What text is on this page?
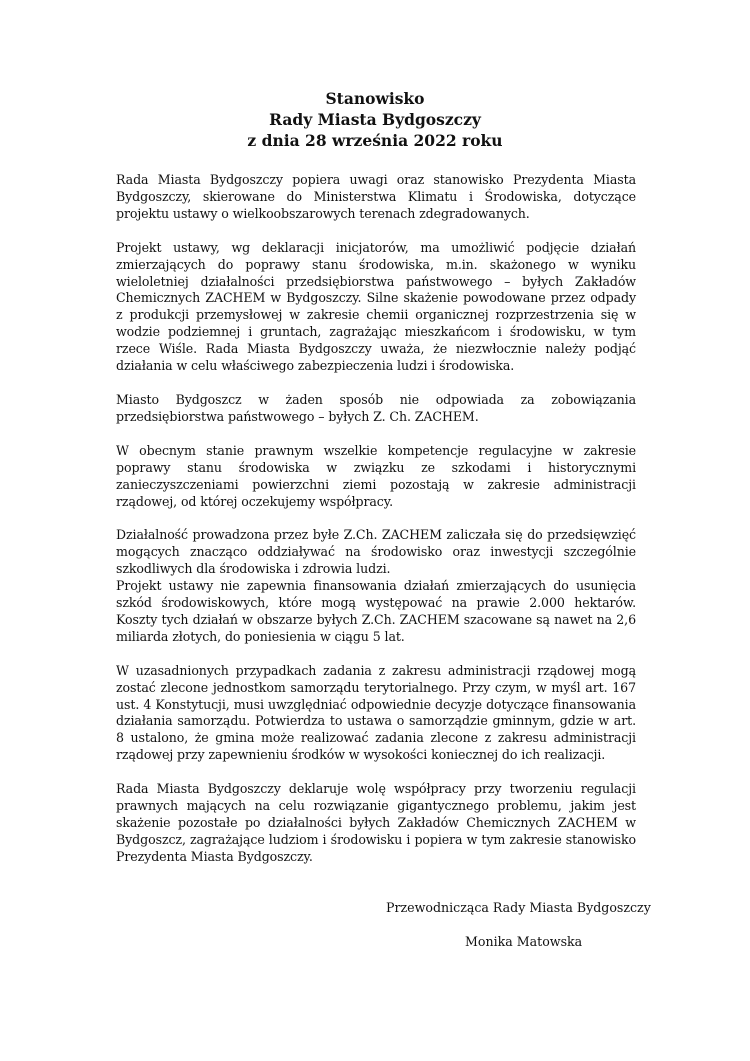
Stanowisko
Rady Miasta Bydgoszczy
z dnia 28 września 2022 roku

Rada Miasta Bydgoszczy popiera uwagi oraz stanowisko Prezydenta Miasta Bydgoszczy, skierowane do Ministerstwa Klimatu i Środowiska, dotyczące projektu ustawy o wielkoobszarowych terenach zdegradowanych.

Projekt ustawy, wg deklaracji inicjatorów, ma umożliwić podjęcie działań zmierzających do poprawy stanu środowiska, m.in. skażonego w wyniku wieloletniej działalności przedsiębiorstwa państwowego – byłych Zakładów Chemicznych ZACHEM w Bydgoszczy. Silne skażenie powodowane przez odpady z produkcji przemysłowej w zakresie chemii organicznej rozprzestrzenia się w wodzie podziemnej i gruntach, zagrażając mieszkańcom i środowisku, w tym rzece Wiśle. Rada Miasta Bydgoszczy uważa, że niezwłocznie należy podjąć działania w celu właściwego zabezpieczenia ludzi i środowiska.

Miasto Bydgoszcz w żaden sposób nie odpowiada za zobowiązania przedsiębiorstwa państwowego – byłych Z. Ch. ZACHEM.

W obecnym stanie prawnym wszelkie kompetencje regulacyjne w zakresie poprawy stanu środowiska w związku ze szkodami i historycznymi zanieczyszczeniami powierzchni ziemi pozostają w zakresie administracji rządowej, od której oczekujemy współpracy.

Działalność prowadzona przez byłe Z.Ch. ZACHEM zaliczała się do przedsięwzięć mogących znacząco oddziaływać na środowisko oraz inwestycji szczególnie szkodliwych dla środowiska i zdrowia ludzi.

Projekt ustawy nie zapewnia finansowania działań zmierzających do usunięcia szkód środowiskowych, które mogą występować na prawie 2.000 hektarów. Koszty tych działań w obszarze byłych Z.Ch. ZACHEM szacowane są nawet na 2,6 miliarda złotych, do poniesienia w ciągu 5 lat.

W uzasadnionych przypadkach zadania z zakresu administracji rządowej mogą zostać zlecone jednostkom samorządu terytorialnego. Przy czym, w myśl art. 167 ust. 4 Konstytucji, musi uwzględniać odpowiednie decyzje dotyczące finansowania działania samorządu. Potwierdza to ustawa o samorządzie gminnym, gdzie w art. 8 ustalono, że gmina może realizować zadania zlecone z zakresu administracji rządowej przy zapewnieniu środków w wysokości koniecznej do ich realizacji.

Rada Miasta Bydgoszczy deklaruje wolę współpracy przy tworzeniu regulacji prawnych mających na celu rozwiązanie gigantycznego problemu, jakim jest skażenie pozostałe po działalności byłych Zakładów Chemicznych ZACHEM w Bydgoszcz, zagrażające ludziom i środowisku i popiera w tym zakresie stanowisko Prezydenta Miasta Bydgoszczy.

Przewodnicząca Rady Miasta Bydgoszczy
Monika Matowska
